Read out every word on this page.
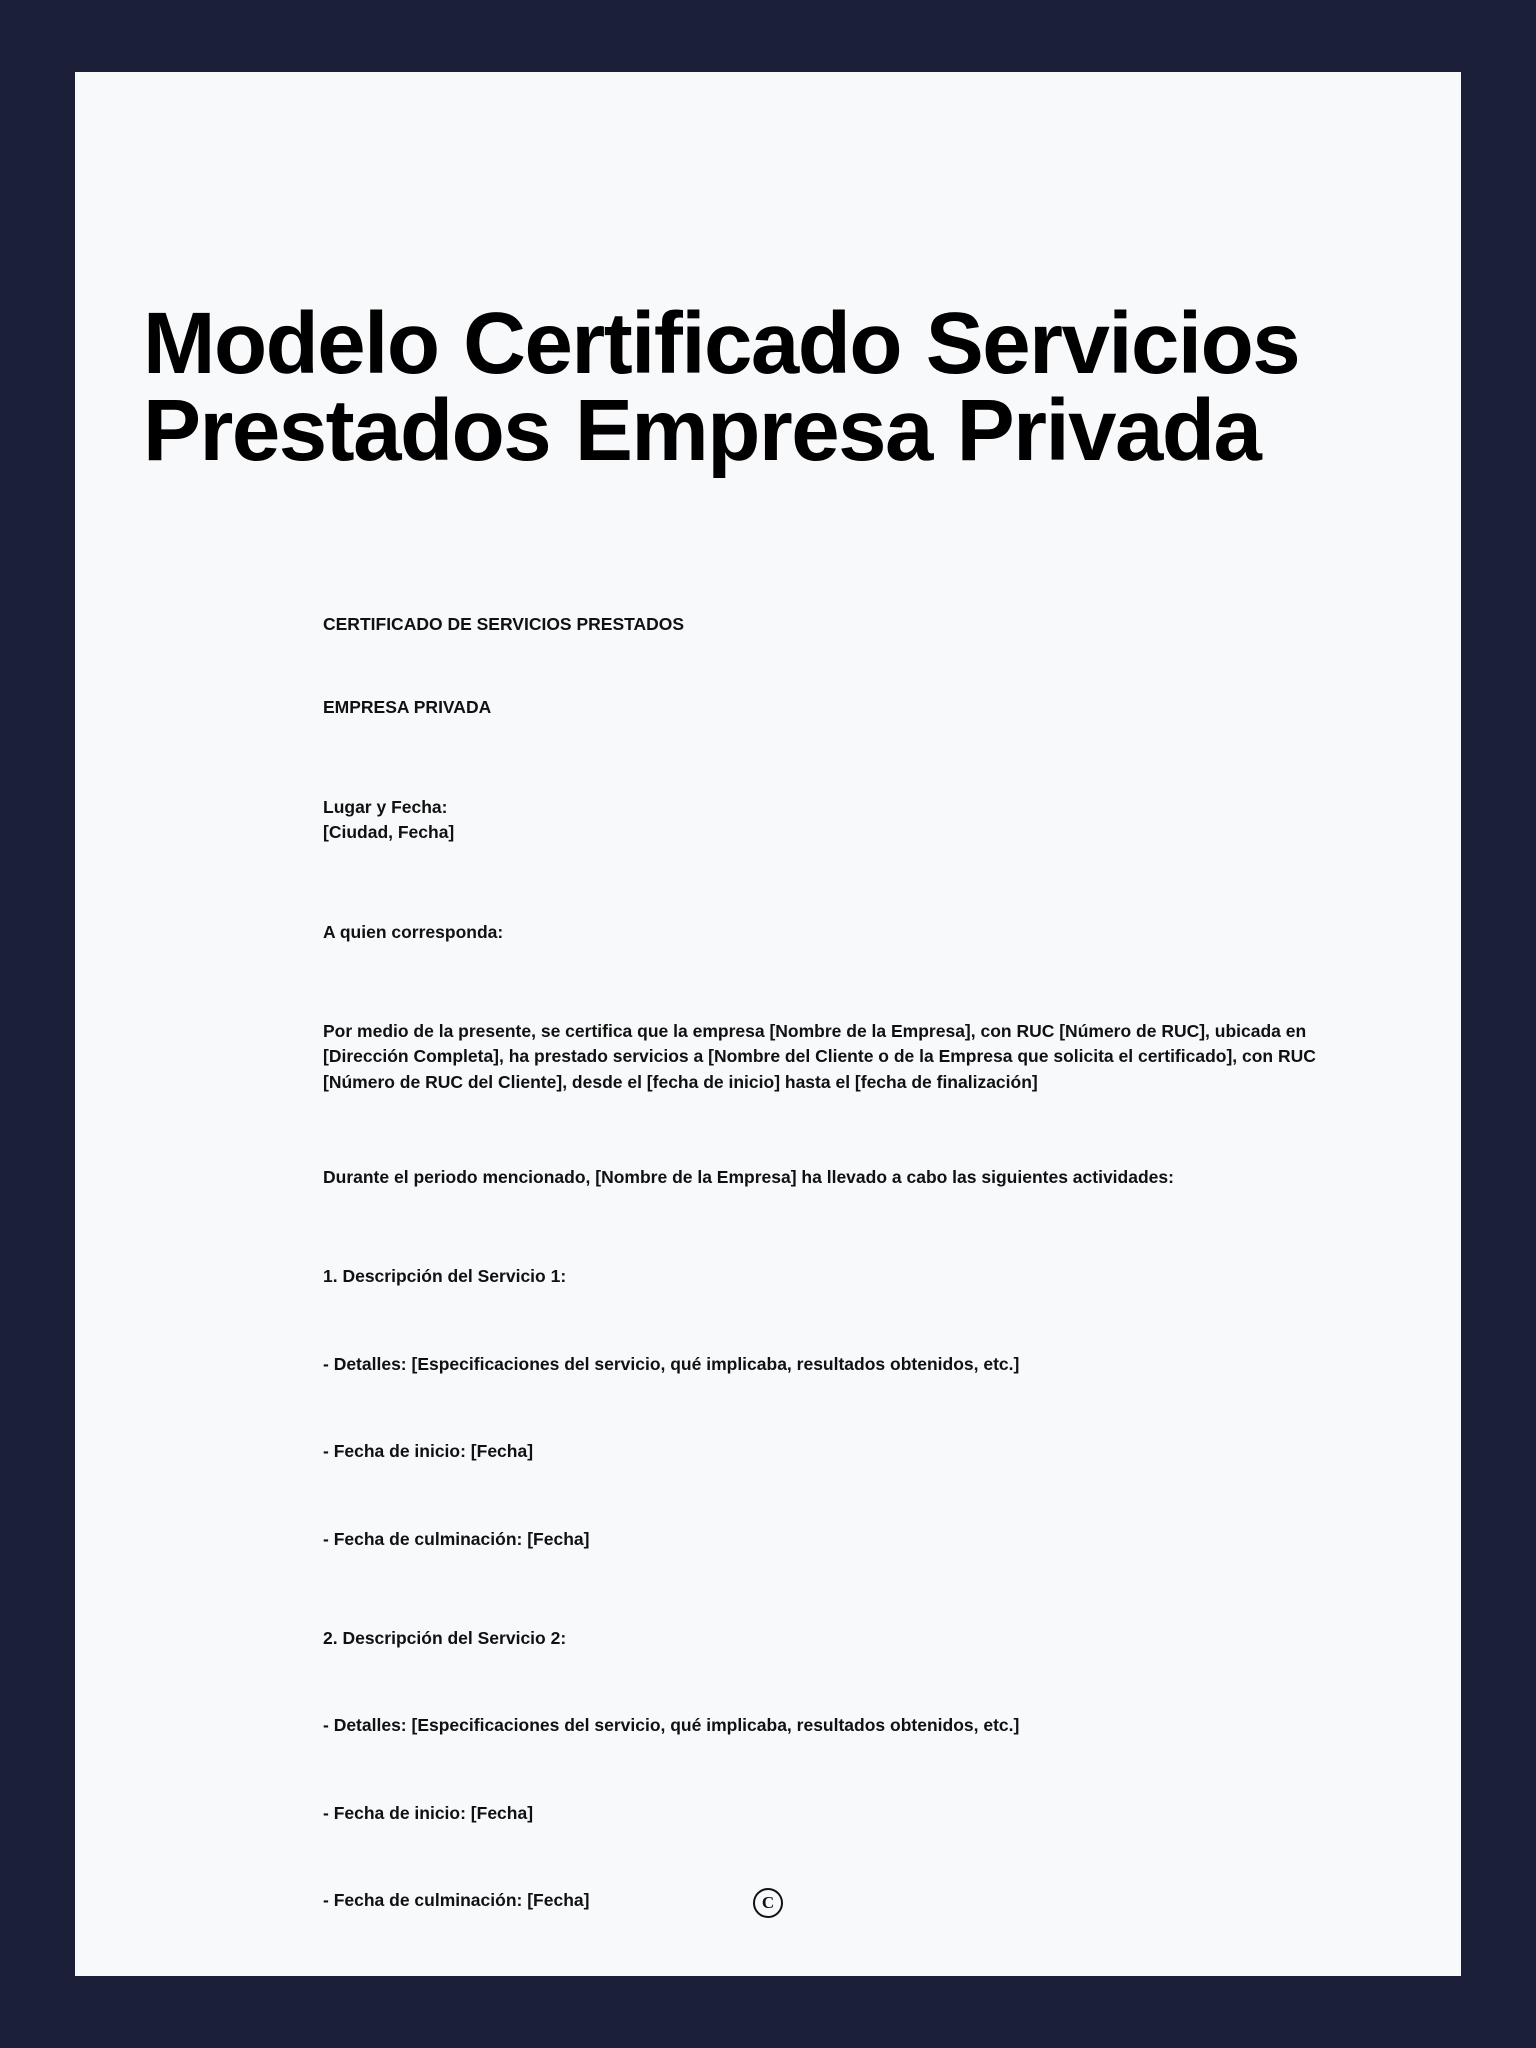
Modelo Certificado Servicios Prestados Empresa Privada
CERTIFICADO DE SERVICIOS PRESTADOS
EMPRESA PRIVADA
Lugar y Fecha:
[Ciudad, Fecha]
A quien corresponda:
Por medio de la presente, se certifica que la empresa [Nombre de la Empresa], con RUC [Número de RUC], ubicada en [Dirección Completa], ha prestado servicios a [Nombre del Cliente o de la Empresa que solicita el certificado], con RUC [Número de RUC del Cliente], desde el [fecha de inicio] hasta el [fecha de finalización]
Durante el periodo mencionado, [Nombre de la Empresa] ha llevado a cabo las siguientes actividades:
1. Descripción del Servicio 1:
- Detalles: [Especificaciones del servicio, qué implicaba, resultados obtenidos, etc.]
- Fecha de inicio: [Fecha]
- Fecha de culminación: [Fecha]
2. Descripción del Servicio 2:
- Detalles: [Especificaciones del servicio, qué implicaba, resultados obtenidos, etc.]
- Fecha de inicio: [Fecha]
- Fecha de culminación: [Fecha]	C
